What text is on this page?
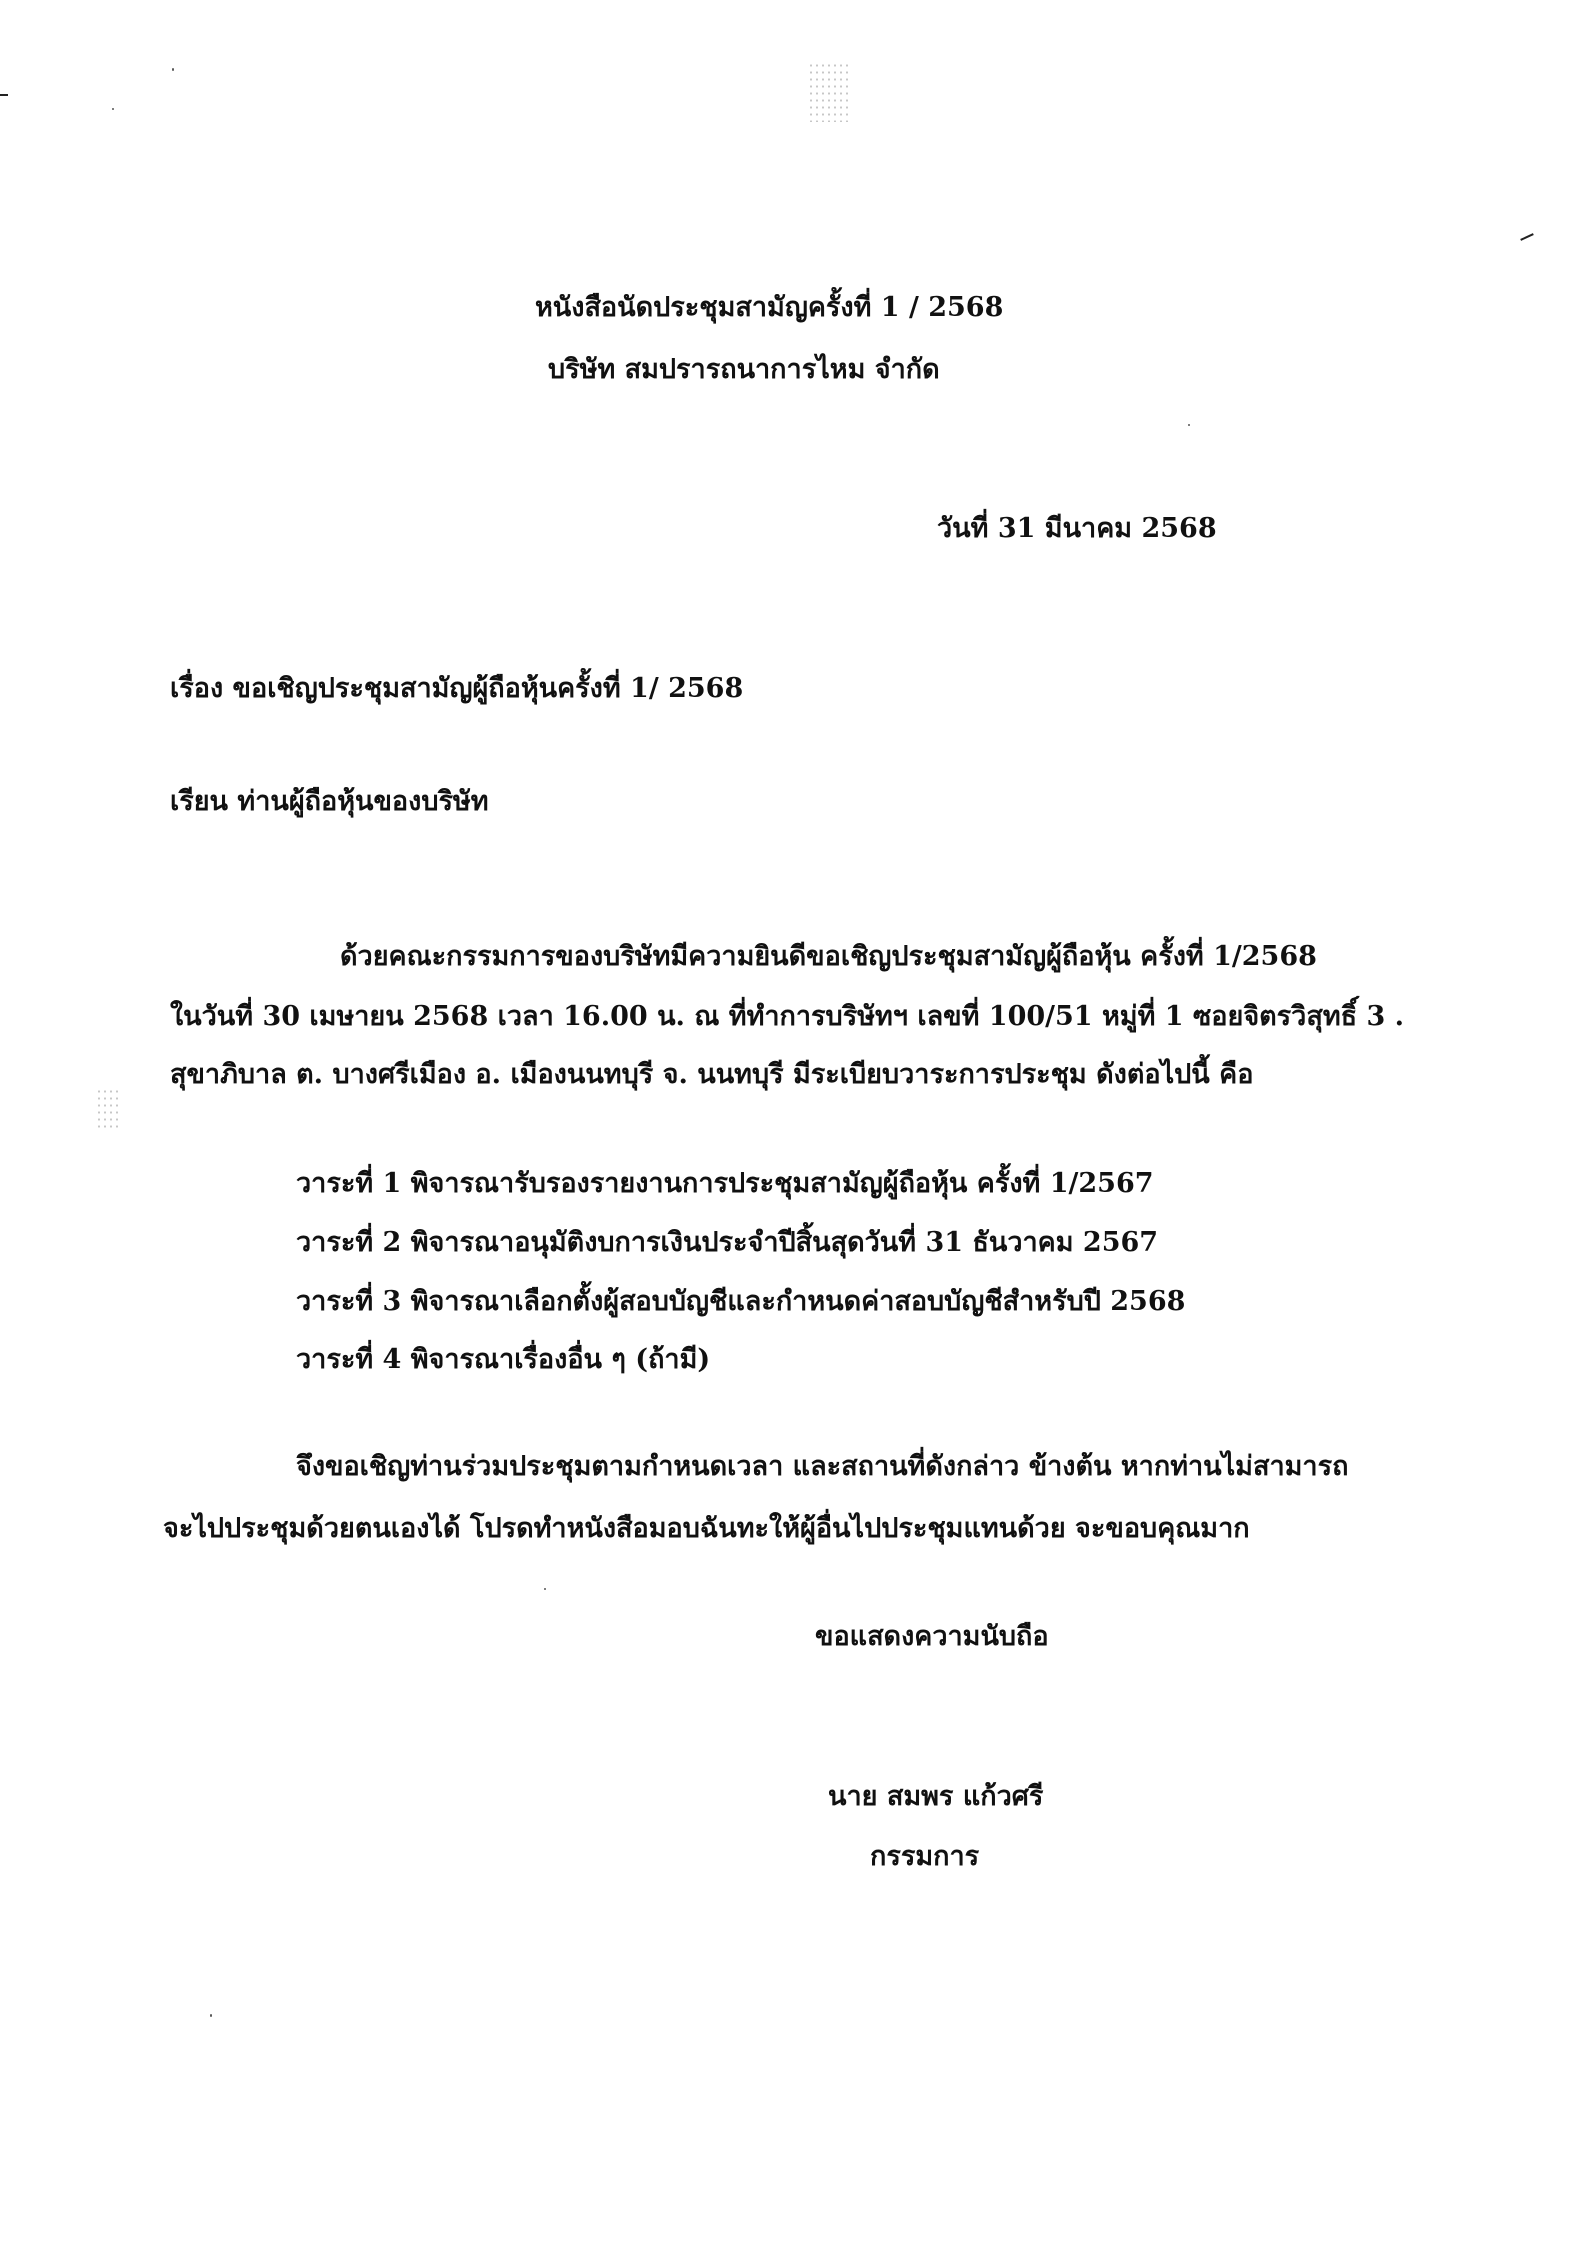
หนังสือนัดประชุมสามัญครั้งที่ 1 / 2568
บริษัท สมปรารถนาการไหม จำกัด
วันที่ 31 มีนาคม 2568
เรื่อง ขอเชิญประชุมสามัญผู้ถือหุ้นครั้งที่ 1/ 2568
เรียน ท่านผู้ถือหุ้นของบริษัท
ด้วยคณะกรรมการของบริษัทมีความยินดีขอเชิญประชุมสามัญผู้ถือหุ้น ครั้งที่ 1/2568
ในวันที่ 30 เมษายน 2568 เวลา 16.00 น. ณ ที่ทำการบริษัทฯ เลขที่ 100/51 หมู่ที่ 1 ซอยจิตรวิสุทธิ์ 3 .
สุขาภิบาล ต. บางศรีเมือง อ. เมืองนนทบุรี จ. นนทบุรี มีระเบียบวาระการประชุม ดังต่อไปนี้ คือ
วาระที่ 1 พิจารณารับรองรายงานการประชุมสามัญผู้ถือหุ้น ครั้งที่ 1/2567
วาระที่ 2 พิจารณาอนุมัติงบการเงินประจำปีสิ้นสุดวันที่ 31 ธันวาคม 2567
วาระที่ 3 พิจารณาเลือกตั้งผู้สอบบัญชีและกำหนดค่าสอบบัญชีสำหรับปี 2568
วาระที่ 4 พิจารณาเรื่องอื่น ๆ (ถ้ามี)
จึงขอเชิญท่านร่วมประชุมตามกำหนดเวลา และสถานที่ดังกล่าว ข้างต้น หากท่านไม่สามารถ
จะไปประชุมด้วยตนเองได้ โปรดทำหนังสือมอบฉันทะให้ผู้อื่นไปประชุมแทนด้วย จะขอบคุณมาก
ขอแสดงความนับถือ
นาย สมพร แก้วศรี
กรรมการ
